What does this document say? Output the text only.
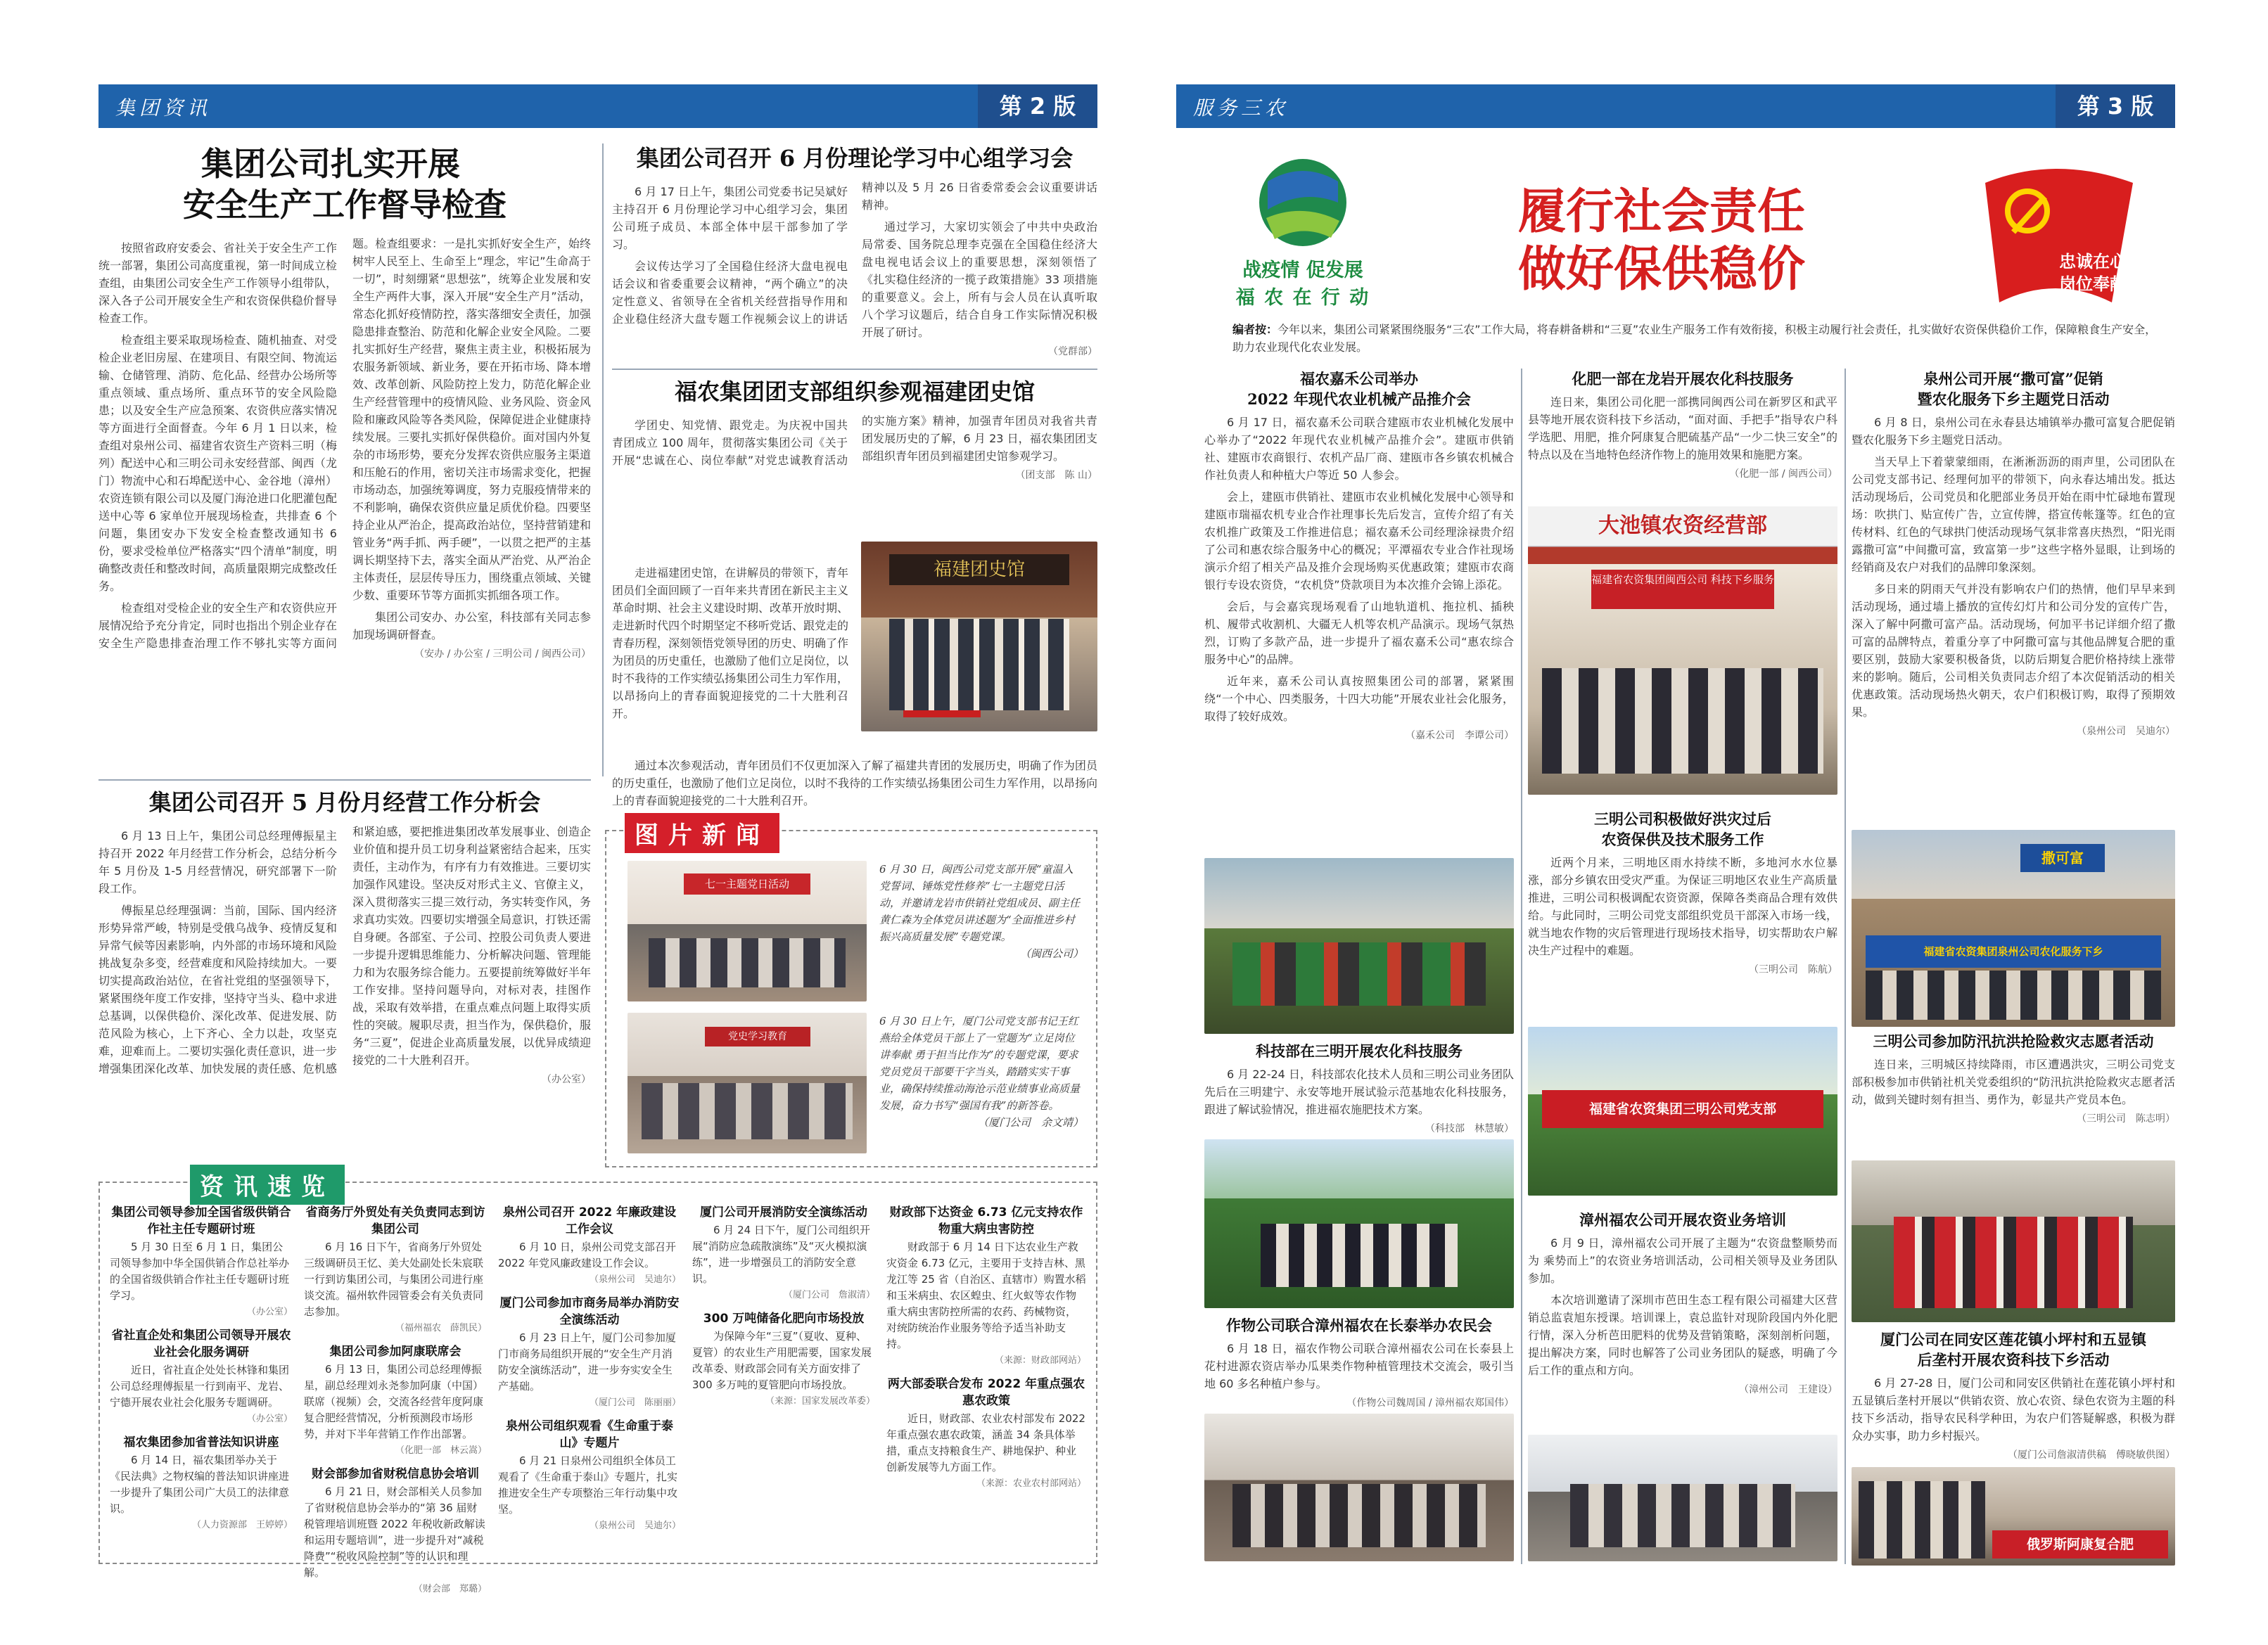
集团资讯	第 2 版
集团公司扎实开展
安全生产工作督导检查

按照省政府安委会、省社关于安全生产工作统一部署，集团公司高度重视，第一时间成立检查组，由集团公司安全生产工作领导小组带队，深入各子公司开展安全生产和农资保供稳价督导检查工作。

检查组主要采取现场检查、随机抽查、对受检企业老旧房屋、在建项目、有限空间、物流运输、仓储管理、消防、危化品、经营办公场所等重点领域、重点场所、重点环节的安全风险隐患；以及安全生产应急预案、农资供应落实情况等方面进行全面督查。今年 6 月 1 日以来，检查组对泉州公司、福建省农资生产资料三明（梅列）配送中心和三明公司永安经营部、闽西（龙门）物流中心和石埠配送中心、金谷地（漳州）农资连锁有限公司以及厦门海沧进口化肥灌包配送中心等 6 家单位开展现场检查，共排查 6 个问题，集团安办下发安全检查整改通知书 6 份，要求受检单位严格落实“四个清单”制度，明确整改责任和整改时间，高质量限期完成整改任务。

检查组对受检企业的安全生产和农资供应开展情况给予充分肯定，同时也指出个别企业存在安全生产隐患排查治理工作不够扎实等方面问题。检查组要求：一是扎实抓好安全生产，始终树牢人民至上、生命至上“理念，牢记”生命高于一切”，时刻绷紧“思想弦”，统筹企业发展和安全生产两件大事，深入开展“安全生产月”活动，常态化抓好疫情防控，落实落细安全责任，加强隐患排查整治、防范和化解企业安全风险。二要扎实抓好生产经营，聚焦主责主业，积极拓展为农服务新领域、新业务，要在开拓市场、降本增效、改革创新、风险防控上发力，防范化解企业生产经营管理中的疫情风险、业务风险、资金风险和廉政风险等各类风险，保障促进企业健康持续发展。三要扎实抓好保供稳价。面对国内外复杂的市场形势，要充分发挥农资供应服务主渠道和压舱石的作用，密切关注市场需求变化，把握市场动态，加强统筹调度，努力克服疫情带来的不利影响，确保农资供应量足质优价稳。四要坚持企业从严治企，提高政治站位，坚持营销建和管业务“两手抓、两手硬”，一以贯之把严的主基调长期坚持下去，落实全面从严治党、从严治企主体责任，层层传导压力，围绕重点领域、关键少数、重要环节等方面抓实抓细各项工作。

集团公司安办、办公室，科技部有关同志参加现场调研督查。

（安办 / 办公室 / 三明公司 / 闽西公司）

集团公司召开 6 月份理论学习中心组学习会

6 月 17 日上午，集团公司党委书记吴斌好主持召开 6 月份理论学习中心组学习会，集团公司班子成员、本部全体中层干部参加了学习。

会议传达学习了全国稳住经济大盘电视电话会议和省委重要会议精神，“两个确立”的决定性意义、省领导在全省机关经营指导作用和企业稳住经济大盘专题工作视频会议上的讲话精神以及 5 月 26 日省委常委会会议重要讲话精神。

通过学习，大家切实领会了中共中央政治局常委、国务院总理李克强在全国稳住经济大盘电视电话会议上的重要思想，深刻领悟了《扎实稳住经济的一揽子政策措施》33 项措施的重要意义。会上，所有与会人员在认真听取八个学习议题后，结合自身工作实际情况积极开展了研讨。

（党群部）

福农集团团支部组织参观福建团史馆

学团史、知党情、跟党走。为庆祝中国共青团成立 100 周年，贯彻落实集团公司《关于开展“忠诚在心、岗位奉献”对党忠诚教育活动的实施方案》精神，加强青年团员对我省共青团发展历史的了解，6 月 23 日，福农集团团支部组织青年团员到福建团史馆参观学习。

（团支部　陈 山）

走进福建团史馆，在讲解员的带领下，青年团员们全面回顾了一百年来共青团在新民主主义革命时期、社会主义建设时期、改革开放时期、走进新时代四个时期坚定不移听党话、跟党走的青春历程，深刻领悟党领导团的历史、明确了作为团员的历史重任，也激励了他们立足岗位，以时不我待的工作实绩弘扬集团公司生力军作用，以昂扬向上的青春面貌迎接党的二十大胜利召开。

福建团史馆

通过本次参观活动，青年团员们不仅更加深入了解了福建共青团的发展历史，明确了作为团员的历史重任，也激励了他们立足岗位，以时不我待的工作实绩弘扬集团公司生力军作用，以昂扬向上的青春面貌迎接党的二十大胜利召开。

集团公司召开 5 月份月经营工作分析会

6 月 13 日上午，集团公司总经理傅振星主持召开 2022 年月经营工作分析会，总结分析今年 5 月份及 1-5 月经营情况，研究部署下一阶段工作。

傅振星总经理强调：当前，国际、国内经济形势异常严峻，特别是受俄乌战争、疫情反复和异常气候等因素影响，内外部的市场环境和风险挑战复杂多变，经营难度和风险持续加大。一要切实提高政治站位，在省社党组的坚强领导下，紧紧围绕年度工作安排，坚持守当头、稳中求进总基调，以保供稳价、深化改革、促进发展、防范风险为核心，上下齐心、全力以赴，攻坚克难，迎难而上。二要切实强化责任意识，进一步增强集团深化改革、加快发展的责任感、危机感和紧迫感，要把推进集团改革发展事业、创造企业价值和提升员工切身利益紧密结合起来，压实责任，主动作为，有序有力有效推进。三要切实加强作风建设。坚决反对形式主义、官僚主义，深入贯彻落实三提三效行动，务实转变作风，务求真功实效。四要切实增强全局意识，打铁还需自身硬。各部室、子公司、控股公司负责人要进一步提升逻辑思维能力、分析解决问题、管理能力和为农服务综合能力。五要提前统筹做好半年工作安排。坚持问题导向，对标对表，挂图作战，采取有效举措，在重点难点问题上取得实质性的突破。履职尽责，担当作为，保供稳价，服务“三夏”，促进企业高质量发展，以优异成绩迎接党的二十大胜利召开。

（办公室）

图片新闻
七一主题党日活动
6 月 30 日，闽西公司党支部开展“童温入党誓词、锤炼党性修养”七一主题党日活动，并邀请龙岩市供销社党组成员、副主任黄仁森为全体党员讲述题为“全面推进乡村振兴高质量发展”专题党课。
（闽西公司）
党史学习教育
6 月 30 日上午，厦门公司党支部书记王红燕给全体党员干部上了一堂题为“立足岗位讲奉献 勇于担当比作为”的专题党课，要求党员党员干部要干字当头，踏踏实实干事业，确保持续推动海沧示范业绩事业高质量发展，奋力书写“强国有我”的新答卷。
（厦门公司　余文靖）
资讯速览
集团公司领导参加全国省级供销合作社主任专题研讨班

5 月 30 日至 6 月 1 日，集团公司领导参加中华全国供销合作总社举办的全国省级供销合作社主任专题研讨班学习。

（办公室）

省社直企处和集团公司领导开展农业社会化服务调研

近日，省社直企处处长林锋和集团公司总经理傅振星一行到南平、龙岩、宁德开展农业社会化服务专题调研。

（办公室）

福农集团参加省普法知识讲座

6 月 14 日，福农集团举办关于《民法典》之物权编的普法知识讲座进一步提升了集团公司广大员工的法律意识。

（人力资源部　王婷婷）

省商务厅外贸处有关负责同志到访集团公司

6 月 16 日下午，省商务厅外贸处三级调研员王忆、美大处副处长朱宸联一行到访集团公司，与集团公司进行座谈交流。福州软件园管委会有关负责同志参加。

（福州福农　薛凯民）

集团公司参加阿康联席会

6 月 13 日，集团公司总经理傅振星，副总经理刘永尧参加阿康（中国）联席（视频）会，交流各经营年度阿康复合肥经营情况，分析预测段市场形势，并对下半年营销工作作出部署。

（化肥一部　林云嵩）

财会部参加省财税信息协会培训

6 月 21 日，财会部相关人员参加了省财税信息协会举办的“第 36 届财税管理培训班暨 2022 年税收新政解读和运用专题培训”，进一步提升对“减税降费”“税收风险控制”等的认识和理解。

（财会部　郑璐）

泉州公司召开 2022 年廉政建设工作会议

6 月 10 日，泉州公司党支部召开 2022 年党风廉政建设工作会议。

（泉州公司　吴迪尔）

厦门公司参加市商务局举办消防安全演练活动

6 月 23 日上午，厦门公司参加厦门市商务局组织开展的“安全生产月消防安全演练活动”，进一步夯实安全生产基础。

（厦门公司　陈丽丽）

泉州公司组织观看《生命重于泰山》专题片

6 月 21 日泉州公司组织全体员工观看了《生命重于泰山》专题片，扎实推进安全生产专项整治三年行动集中攻坚。

（泉州公司　吴迪尔）

厦门公司开展消防安全演练活动

6 月 24 日下午，厦门公司组织开展“消防应急疏散演练”及“灭火模拟演练”，进一步增强员工的消防安全意识。

（厦门公司　詹淑清）

300 万吨储备化肥向市场投放

为保障今年“三夏”（夏收、夏种、夏管）的农业生产用肥需要，国家发展改革委、财政部会同有关方面安排了 300 多万吨的夏管肥向市场投放。

（来源：国家发展改革委）

财政部下达资金 6.73 亿元支持农作物重大病虫害防控

财政部于 6 月 14 日下达农业生产救灾资金 6.73 亿元，主要用于支持吉林、黑龙江等 25 省（自治区、直辖市）购置水稻和玉米病虫、农区蝗虫、红火蚁等农作物重大病虫害防控所需的农药、药械物资，对统防统治作业服务等给予适当补助支持。

（来源：财政部网站）

两大部委联合发布 2022 年重点强农惠农政策

近日，财政部、农业农村部发布 2022 年重点强农惠农政策，涵盖 34 条具体举措，重点支持粮食生产、耕地保护、种业创新发展等九方面工作。

（来源：农业农村部网站）

服务三农	第 3 版
战疫情 促发展
福 农 在 行 动
履行社会责任
做好保供稳价	忠诚在心
岗位奉献
编者按：今年以来，集团公司紧紧围绕服务“三农”工作大局，将春耕备耕和“三夏”农业生产服务工作有效衔接，积极主动履行社会责任，扎实做好农资保供稳价工作，保障粮食生产安全，助力农业现代化农业发展。
福农嘉禾公司举办
2022 年现代农业机械产品推介会

6 月 17 日，福农嘉禾公司联合建瓯市农业机械化发展中心举办了“2022 年现代农业机械产品推介会”。建瓯市供销社、建瓯市农商银行、农机产品厂商、建瓯市各乡镇农机械合作社负责人和种植大户等近 50 人参会。

会上，建瓯市供销社、建瓯市农业机械化发展中心领导和建瓯市瑞福农机专业合作社理事长先后发言，宣传介绍了有关农机推广政策及工作推进信息；福农嘉禾公司经理涂禄贵介绍了公司和惠农综合服务中心的概况；平潭福农专业合作社现场演示介绍了相关产品及推介会现场购买优惠政策；建瓯市农商银行专设农资贷，“农机贷”贷款项目为本次推介会锦上添花。

会后，与会嘉宾现场观看了山地轨道机、拖拉机、插秧机、履带式收割机、大疆无人机等农机产品演示。现场气氛热烈，订购了多款产品，进一步提升了福农嘉禾公司“惠农综合服务中心”的品牌。

近年来，嘉禾公司认真按照集团公司的部署，紧紧围绕“一个中心、四类服务，十四大功能”开展农业社会化服务，取得了较好成效。

（嘉禾公司　李谭公司）

科技部在三明开展农化科技服务

6 月 22-24 日，科技部农化技术人员和三明公司业务团队先后在三明建宁、永安等地开展试验示范基地农化科技服务，跟进了解试验情况，推进福农施肥技术方案。

（科技部　林慧敏）

作物公司联合漳州福农在长泰举办农民会

6 月 18 日，福农作物公司联合漳州福农公司在长泰县上花村进源农资店举办瓜果类作物种植管理技术交流会，吸引当地 60 多名种植户参与。

（作物公司魏周国 / 漳州福农郑国伟）

化肥一部在龙岩开展农化科技服务

连日来，集团公司化肥一部携同闽西公司在新罗区和武平县等地开展农资科技下乡活动，“面对面、手把手”指导农户科学选肥、用肥，推介阿康复合肥硫基产品“一少二快三安全”的特点以及在当地特色经济作物上的施用效果和施肥方案。

（化肥一部 / 闽西公司）

大池镇农资经营部
福建省农资集团闽西公司 科技下乡服务
三明公司积极做好洪灾过后
农资保供及技术服务工作

近两个月来，三明地区雨水持续不断，多地河水水位暴涨，部分乡镇农田受灾严重。为保证三明地区农业生产高质量推进，三明公司积极调配农资资源，保障各类商品合理有效供给。与此同时，三明公司党支部组织党员干部深入市场一线，就当地农作物的灾后管理进行现场技术指导，切实帮助农户解决生产过程中的难题。

（三明公司　陈航）

福建省农资集团三明公司党支部
漳州福农公司开展农资业务培训

6 月 9 日，漳州福农公司开展了主题为“农资盘整顺势而为 乘势而上”的农资业务培训活动，公司相关领导及业务团队参加。

本次培训邀请了深圳市芭田生态工程有限公司福建大区营销总监袁旭东授课。培训课上，袁总监针对现阶段国内外化肥行情，深入分析芭田肥料的优势及营销策略，深刻剖析问题，提出解决方案，同时也解答了公司业务团队的疑惑，明确了今后工作的重点和方向。

（漳州公司　王建设）

泉州公司开展“撒可富”促销
暨农化服务下乡主题党日活动

6 月 8 日，泉州公司在永春县达埔镇举办撒可富复合肥促销暨农化服务下乡主题党日活动。

当天早上下着蒙蒙细雨，在淅淅沥沥的雨声里，公司团队在公司党支部书记、经理何加平的带领下，向永春达埔出发。抵达活动现场后，公司党员和化肥部业务员开始在雨中忙碌地布置现场：吹拱门、贴宣传广告，立宣传牌，搭宣传帐篷等。红色的宣传材料、红色的气球拱门使活动现场气氛非常喜庆热烈，“阳光雨露撒可富”中间撒可富，致富第一步”这些字格外显眼，让到场的经销商及农户对我们的品牌印象深刻。

多日来的阴雨天气并没有影响农户们的热情，他们早早来到活动现场，通过墙上播放的宣传幻灯片和公司分发的宣传广告，深入了解中阿撒可富产品。活动现场，何加平书记详细介绍了撒可富的品牌特点，着重分享了中阿撒可富与其他品牌复合肥的重要区别，鼓励大家要积极备货，以防后期复合肥价格持续上涨带来的影响。随后，公司相关负责同志介绍了本次促销活动的相关优惠政策。活动现场热火朝天，农户们积极订购，取得了预期效果。

（泉州公司　吴迪尔）

撒可富
福建省农资集团泉州公司农化服务下乡
三明公司参加防汛抗洪抢险救灾志愿者活动

连日来，三明城区持续降雨，市区遭遇洪灾，三明公司党支部积极参加市供销社机关党委组织的“防汛抗洪抢险救灾志愿者活动，做到关键时刻有担当、勇作为，彰显共产党员本色。

（三明公司　陈志明）

厦门公司在同安区莲花镇小坪村和五显镇
后垄村开展农资科技下乡活动

6 月 27-28 日，厦门公司和同安区供销社在莲花镇小坪村和五显镇后垄村开展以“供销农资、放心农资、绿色农资为主题的科技下乡活动，指导农民科学种田，为农户们答疑解惑，积极为群众办实事，助力乡村振兴。

（厦门公司詹淑清供稿　傅晓敏供图）

俄罗斯阿康复合肥
